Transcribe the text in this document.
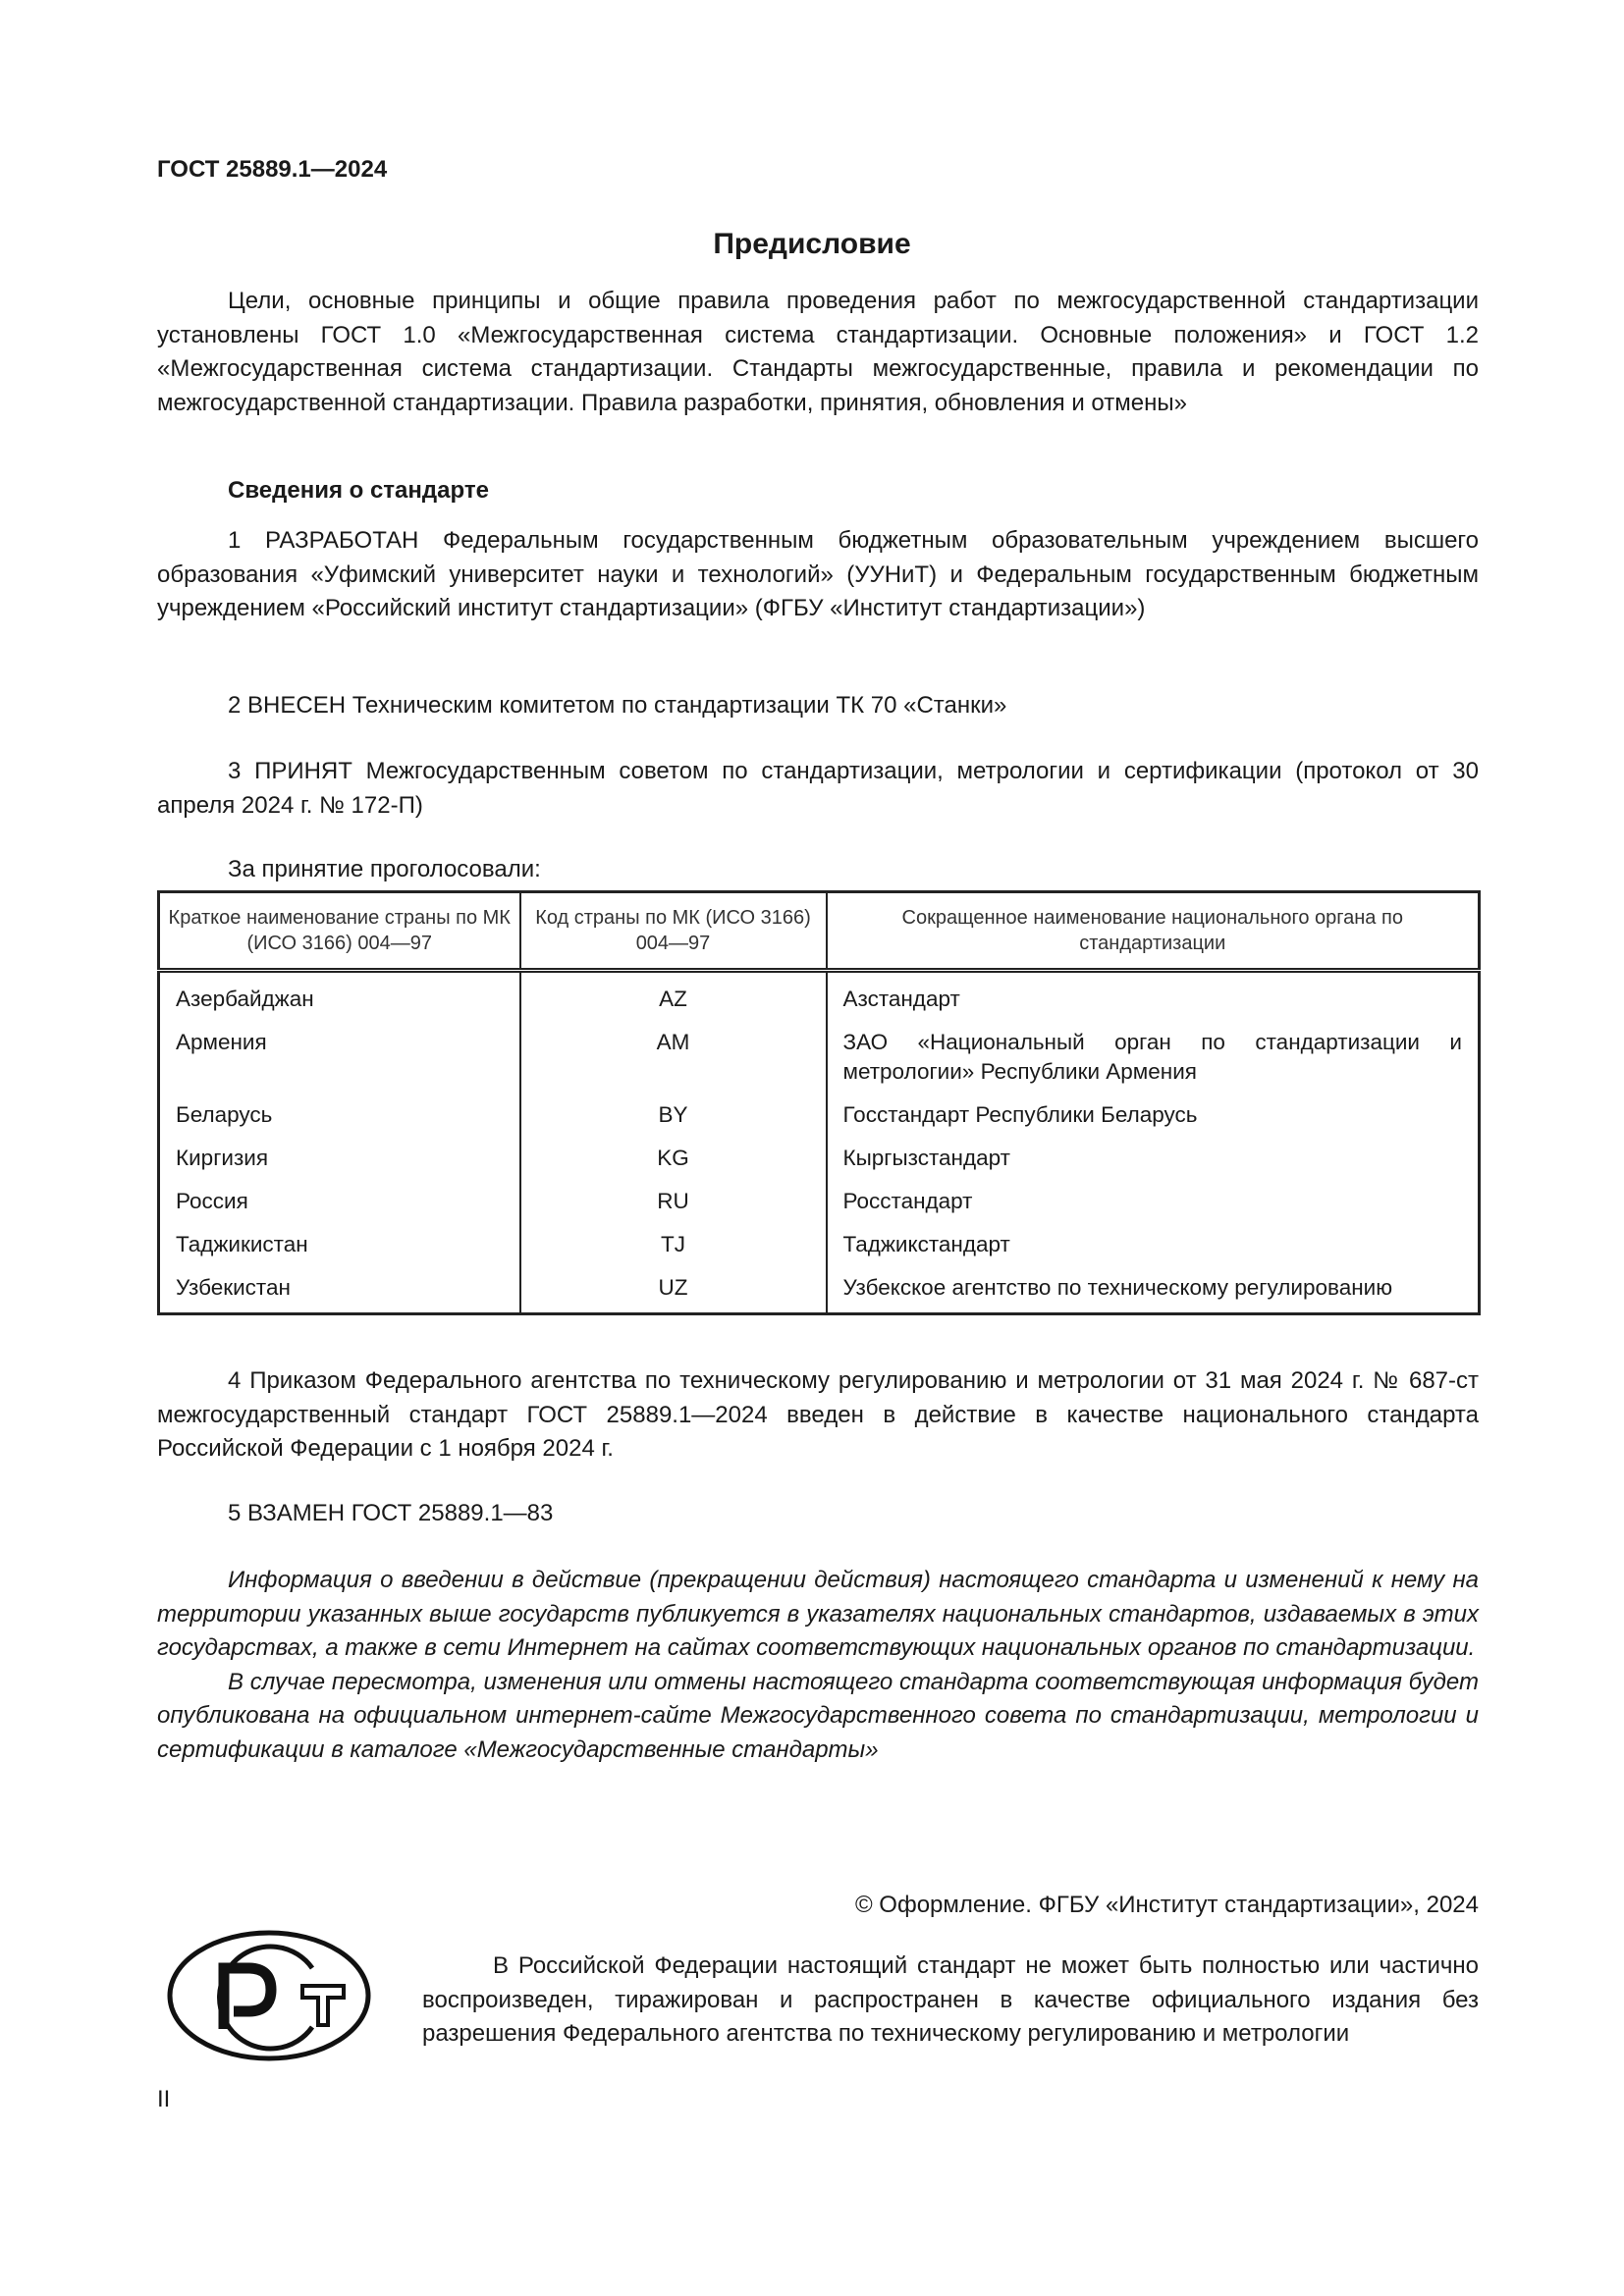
ГОСТ 25889.1—2024
Предисловие

Цели, основные принципы и общие правила проведения работ по межгосударственной стандартизации установлены ГОСТ 1.0 «Межгосударственная система стандартизации. Основные положения» и ГОСТ 1.2 «Межгосударственная система стандартизации. Стандарты межгосударственные, правила и рекомендации по межгосударственной стандартизации. Правила разработки, принятия, обновления и отмены»

Сведения о стандарте

1 РАЗРАБОТАН Федеральным государственным бюджетным образовательным учреждением высшего образования «Уфимский университет науки и технологий» (УУНиТ) и Федеральным государственным бюджетным учреждением «Российский институт стандартизации» (ФГБУ «Институт стандартизации»)

2 ВНЕСЕН Техническим комитетом по стандартизации ТК 70 «Станки»

3 ПРИНЯТ Межгосударственным советом по стандартизации, метрологии и сертификации (протокол от 30 апреля 2024 г. № 172-П)

За принятие проголосовали:

Краткое наименование страны по МК (ИСО 3166) 004—97	Код страны по МК (ИСО 3166) 004—97	Сокращенное наименование национального органа по стандартизации
Азербайджан	AZ	Азстандарт
Армения	AM	ЗАО «Национальный орган по стандартизации и метрологии» Республики Армения
Беларусь	BY	Госстандарт Республики Беларусь
Киргизия	KG	Кыргызстандарт
Россия	RU	Росстандарт
Таджикистан	TJ	Таджикстандарт
Узбекистан	UZ	Узбекское агентство по техническому регулированию

4 Приказом Федерального агентства по техническому регулированию и метрологии от 31 мая 2024 г. № 687-ст межгосударственный стандарт ГОСТ 25889.1—2024 введен в действие в качестве национального стандарта Российской Федерации с 1 ноября 2024 г.

5 ВЗАМЕН ГОСТ 25889.1—83

Информация о введении в действие (прекращении действия) настоящего стандарта и изменений к нему на территории указанных выше государств публикуется в указателях национальных стандартов, издаваемых в этих государствах, а также в сети Интернет на сайтах соответствующих национальных органов по стандартизации.

В случае пересмотра, изменения или отмены настоящего стандарта соответствующая информация будет опубликована на официальном интернет-сайте Межгосударственного совета по стандартизации, метрологии и сертификации в каталоге «Межгосударственные стандарты»

© Оформление. ФГБУ «Институт стандартизации», 2024

В Российской Федерации настоящий стандарт не может быть полностью или частично воспроизведен, тиражирован и распространен в качестве официального издания без разрешения Федерального агентства по техническому регулированию и метрологии

II
